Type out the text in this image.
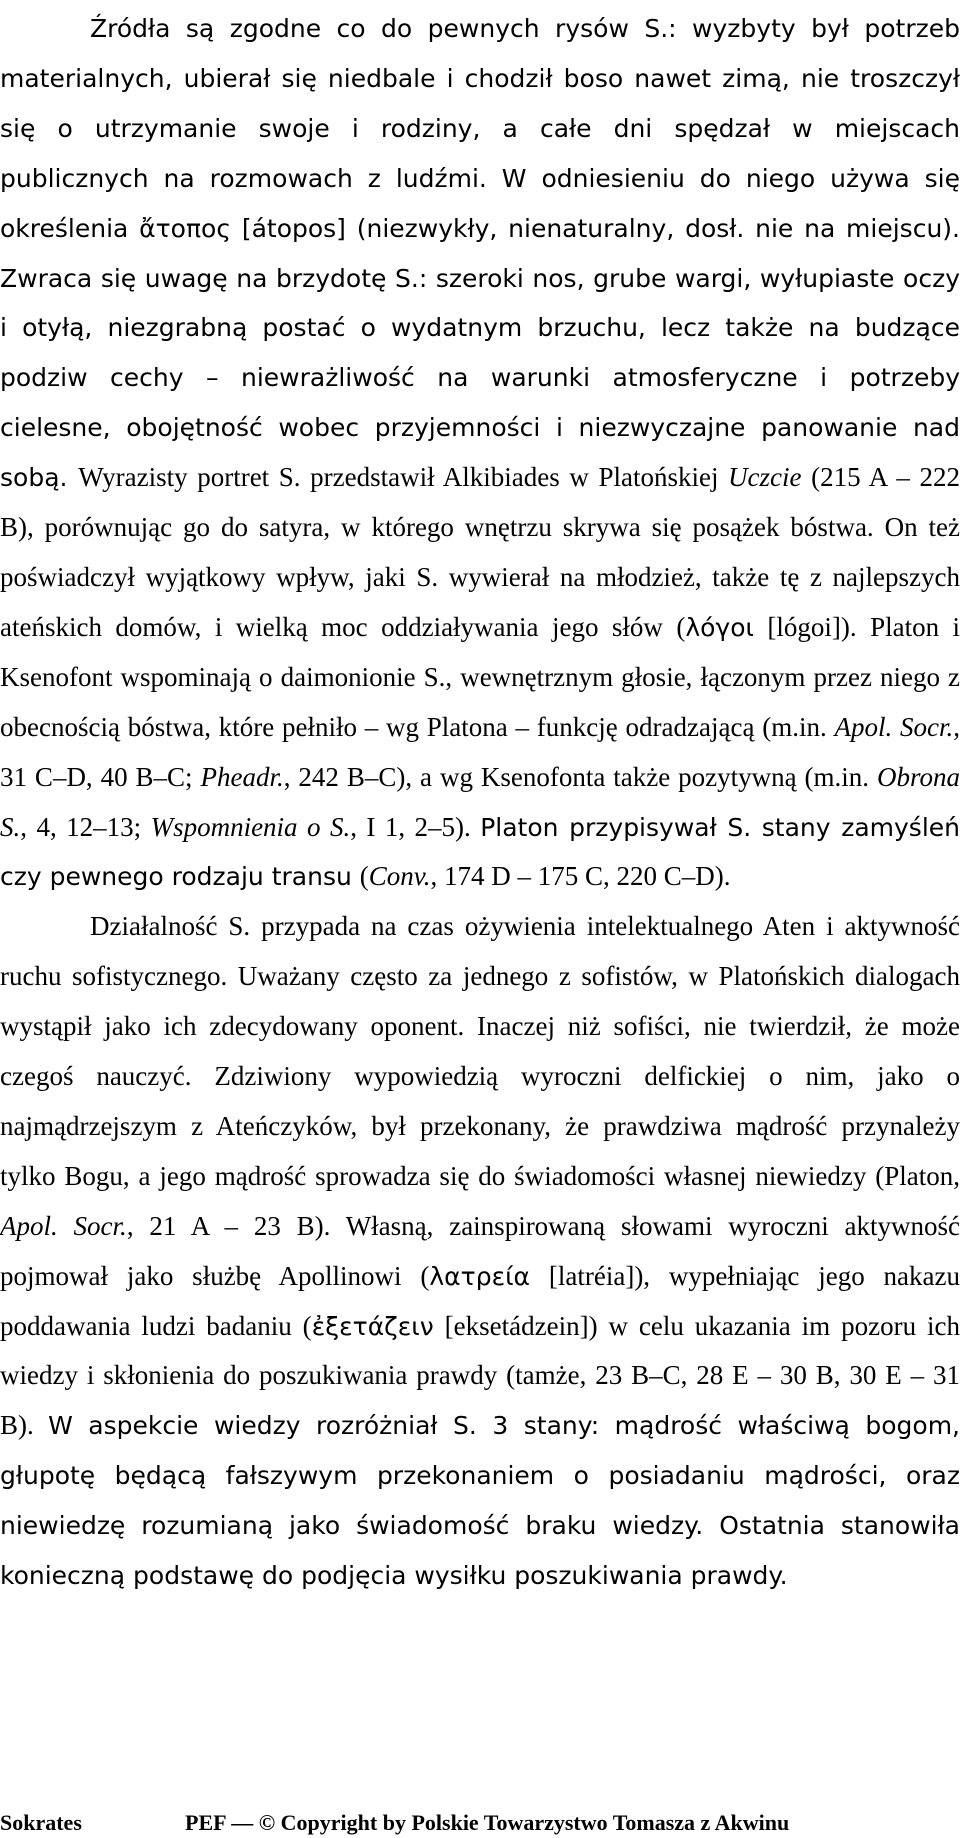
Źródła są zgodne co do pewnych rysów S.: wyzbyty był potrzeb materialnych, ubierał się niedbale i chodził boso nawet zimą, nie troszczył się o utrzymanie swoje i rodziny, a całe dni spędzał w miejscach publicznych na rozmowach z ludźmi. W odniesieniu do niego używa się określenia ἄτοπος [átopos] (niezwykły, nienaturalny, dosł. nie na miejscu). Zwraca się uwagę na brzydotę S.: szeroki nos, grube wargi, wyłupiaste oczy i otyłą, niezgrabną postać o wydatnym brzuchu, lecz także na budzące podziw cechy – niewrażliwość na warunki atmosferyczne i potrzeby cielesne, obojętność wobec przyjemności i niezwyczajne panowanie nad sobą. Wyrazisty portret S. przedstawił Alkibiades w Platońskiej Uczcie (215 A – 222 B), porównując go do satyra, w którego wnętrzu skrywa się posążek bóstwa. On też poświadczył wyjątkowy wpływ, jaki S. wywierał na młodzież, także tę z najlepszych ateńskich domów, i wielką moc oddziaływania jego słów (λόγοι [lógoi]). Platon i Ksenofont wspominają o daimonionie S., wewnętrznym głosie, łączonym przez niego z obecnością bóstwa, które pełniło – wg Platona – funkcję odradzającą (m.in. Apol. Socr., 31 C–D, 40 B–C; Pheadr., 242 B–C), a wg Ksenofonta także pozytywną (m.in. Obrona S., 4, 12–13; Wspomnienia o S., I 1, 2–5). Platon przypisywał S. stany zamyśleń czy pewnego rodzaju transu (Conv., 174 D – 175 C, 220 C–D).

Działalność S. przypada na czas ożywienia intelektualnego Aten i aktywność ruchu sofistycznego. Uważany często za jednego z sofistów, w Platońskich dialogach wystąpił jako ich zdecydowany oponent. Inaczej niż sofiści, nie twierdził, że może czegoś nauczyć. Zdziwiony wypowiedzią wyroczni delfickiej o nim, jako o najmądrzejszym z Ateńczyków, był przekonany, że prawdziwa mądrość przynależy tylko Bogu, a jego mądrość sprowadza się do świadomości własnej niewiedzy (Platon, Apol. Socr., 21 A – 23 B). Własną, zainspirowaną słowami wyroczni aktywność pojmował jako służbę Apollinowi (λατρεία [latréia]), wypełniając jego nakazu poddawania ludzi badaniu (ἐξετάζειν [eksetádzein]) w celu ukazania im pozoru ich wiedzy i skłonienia do poszukiwania prawdy (tamże, 23 B–C, 28 E – 30 B, 30 E – 31 B). W aspekcie wiedzy rozróżniał S. 3 stany: mądrość właściwą bogom, głupotę będącą fałszywym przekonaniem o posiadaniu mądrości, oraz niewiedzę rozumianą jako świadomość braku wiedzy. Ostatnia stanowiła konieczną podstawę do podjęcia wysiłku poszukiwania prawdy.

Sokrates	PEF — © Copyright by Polskie Towarzystwo Tomasza z Akwinu
